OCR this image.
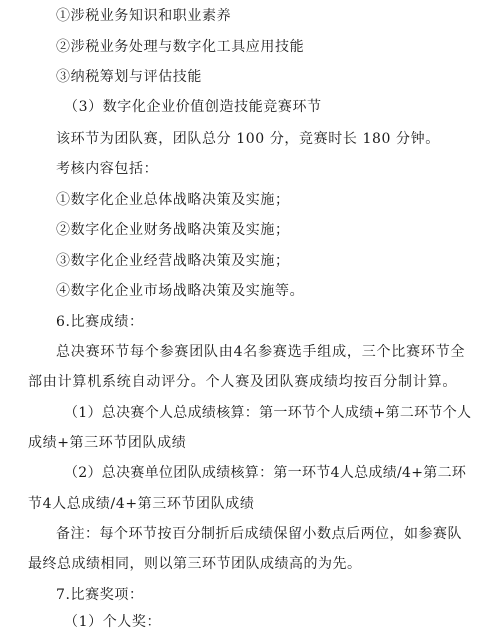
①涉税业务知识和职业素养
②涉税业务处理与数字化工具应用技能
③纳税筹划与评估技能
（3）数字化企业价值创造技能竞赛环节
该环节为团队赛，团队总分 100 分，竞赛时长 180 分钟。
考核内容包括：
①数字化企业总体战略决策及实施；
②数字化企业财务战略决策及实施；
③数字化企业经营战略决策及实施；
④数字化企业市场战略决策及实施等。
6.比赛成绩：
总决赛环节每个参赛团队由4名参赛选手组成，三个比赛环节全
部由计算机系统自动评分。个人赛及团队赛成绩均按百分制计算。
（1）总决赛个人总成绩核算：第一环节个人成绩+第二环节个人
成绩+第三环节团队成绩
（2）总决赛单位团队成绩核算：第一环节4人总成绩/4+第二环
节4人总成绩/4+第三环节团队成绩
备注：每个环节按百分制折后成绩保留小数点后两位，如参赛队
最终总成绩相同，则以第三环节团队成绩高的为先。
7.比赛奖项：
（1）个人奖：
